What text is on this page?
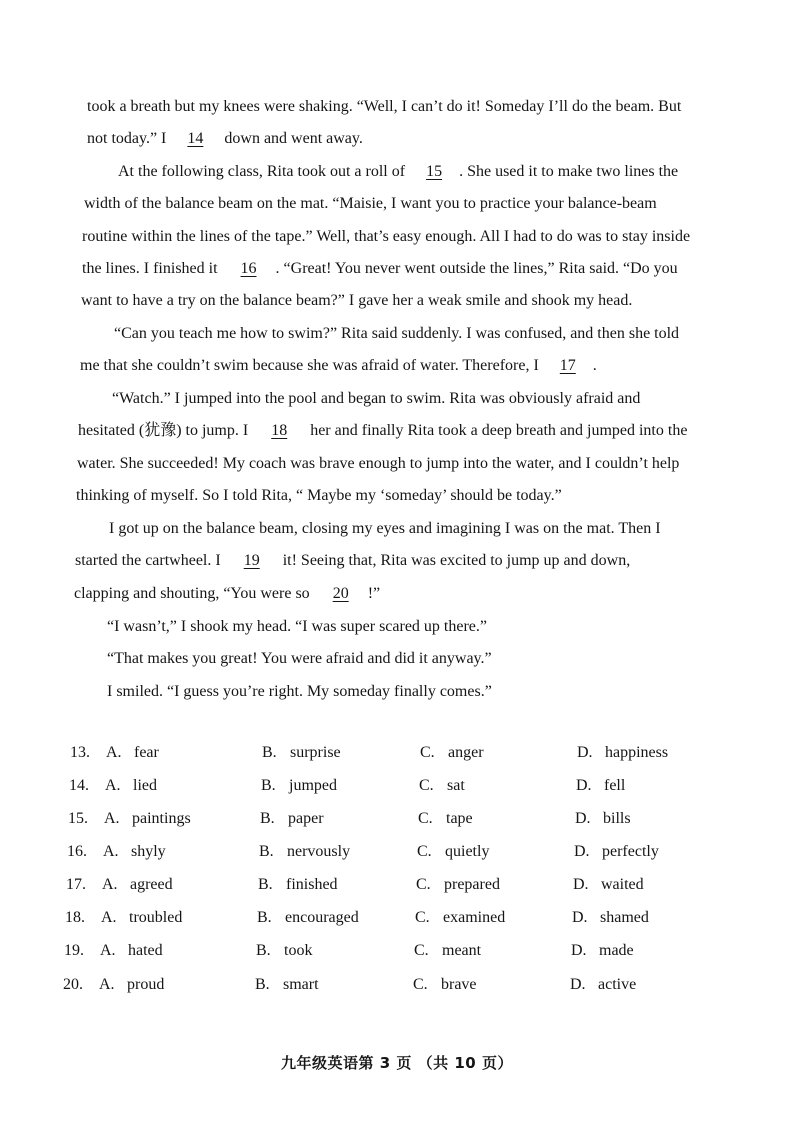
took a breath but my knees were shaking. “Well, I can’t do it! Someday I’ll do the beam. But
not today.” I 14 down and went away.
At the following class, Rita took out a roll of 15 . She used it to make two lines the
width of the balance beam on the mat. “Maisie, I want you to practice your balance-beam
routine within the lines of the tape.” Well, that’s easy enough. All I had to do was to stay inside
the lines. I finished it 16 . “Great! You never went outside the lines,” Rita said. “Do you
want to have a try on the balance beam?” I gave her a weak smile and shook my head.
“Can you teach me how to swim?” Rita said suddenly. I was confused, and then she told
me that she couldn’t swim because she was afraid of water. Therefore, I 17 .
“Watch.” I jumped into the pool and began to swim. Rita was obviously afraid and
hesitated (犹豫) to jump. I 18 her and finally Rita took a deep breath and jumped into the
water. She succeeded! My coach was brave enough to jump into the water, and I couldn’t help
thinking of myself. So I told Rita, “ Maybe my ‘someday’ should be today.”
I got up on the balance beam, closing my eyes and imagining I was on the mat. Then I
started the cartwheel. I 19 it! Seeing that, Rita was excited to jump up and down,
clapping and shouting, “You were so 20 !”
“I wasn’t,” I shook my head. “I was super scared up there.”
“That makes you great! You were afraid and did it anyway.”
I smiled. “I guess you’re right. My someday finally comes.”
13. A. fear	B. surprise	C. anger	D. happiness
14. A. lied	B. jumped	C. sat	D. fell
15. A. paintings	B. paper	C. tape	D. bills
16. A. shyly	B. nervously	C. quietly	D. perfectly
17. A. agreed	B. finished	C. prepared	D. waited
18. A. troubled	B. encouraged	C. examined	D. shamed
19. A. hated	B. took	C. meant	D. made
20. A. proud	B. smart	C. brave	D. active
九年级英语第 3 页 （共 10 页）
